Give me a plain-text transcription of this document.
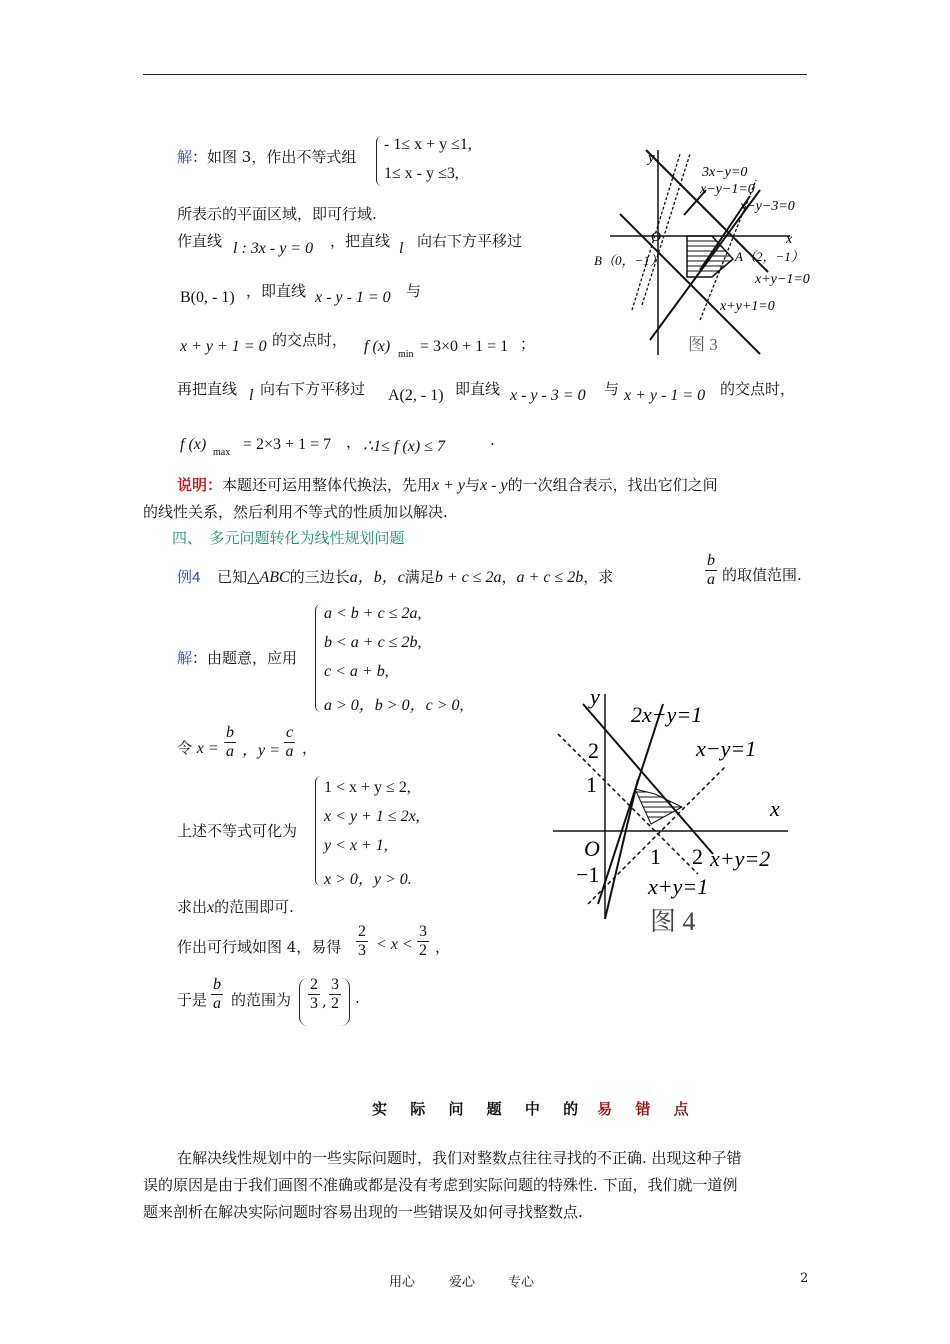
解：如图 3，作出不等式组
- 1≤ x + y ≤1,
1≤ x - y ≤3,
所表示的平面区域，即可行域.
作直线 l : 3x - y = 0 ，把直线 l 向右下方平移过
B(0, - 1) ，即直线 x - y - 1 = 0 与
x + y + 1 = 0 的交点时， f (x) min = 3×0 + 1 = 1 ；
再把直线 l 向右下方平移过 A(2, - 1) 即直线 x - y - 3 = 0 与 x + y - 1 = 0 的交点时，
f (x) max = 2×3 + 1 = 7 ， ∴1≤ f (x) ≤ 7	.
说明：本题还可运用整体代换法，先用x + y与x - y的一次组合表示，找出它们之间
的线性关系，然后利用不等式的性质加以解决.
四、　多元问题转化为线性规划问题
例4 已知△ABC的三边长a，b，c满足b + c ≤ 2a，a + c ≤ 2b，求	$\frac{b}{a}$ 的取值范围.
解：由题意，应用
a < b + c ≤ 2a,
b < a + c ≤ 2b,
c < a + b,
a > 0，b > 0，c > 0,
令 $x = \frac{b}{a}$ ，$y = \frac{c}{a}$ ，
上述不等式可化为
1 < x + y ≤ 2,
x < y + 1 ≤ 2x,
y < x + 1,
x > 0，y > 0.
求出x的范围即可.
作出可行域如图 4，易得 $\frac{2}{3} < x < \frac{3}{2}$ ，
于是 $\frac{b}{a}$ 的范围为 $\frac{2}{3}$ , $\frac{3}{2}$ .
y
x
O
3x−y=0
x−y−1=0
x−y−3=0
A（2，−1）
x+y−1=0
x+y+1=0
B（0，−1）
图 3
y
x
O
2x−y=1
x−y=1
x+y=2
x+y=1
2
1
−1
1 2
图 4
实 际 问 题 中 的 易 错 点
在解决线性规划中的一些实际问题时，我们对整数点往往寻找的不正确. 出现这种子错
误的原因是由于我们画图不准确或都是没有考虑到实际问题的特殊性. 下面，我们就一道例
题来剖析在解决实际问题时容易出现的一些错误及如何寻找整数点.
用心	爱心	专心	2
